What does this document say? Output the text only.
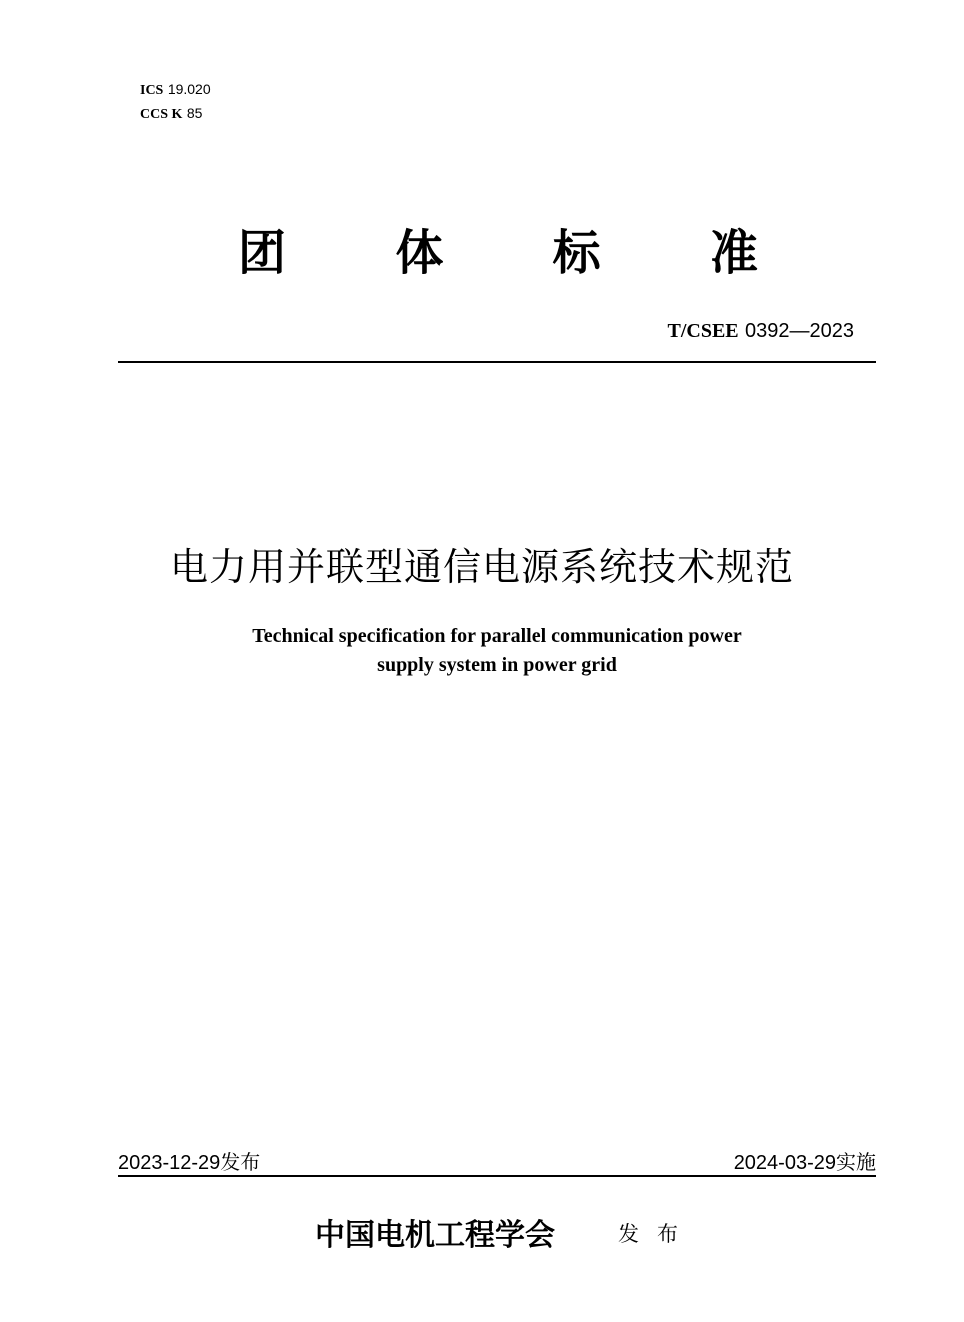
ICS 19.020
CCS K 85
团 体 标 准
T/CSEE 0392—2023
电力用并联型通信电源系统技术规范
Technical specification for parallel communication power
supply system in power grid
2023-12-29发布	2024-03-29实施
中国电机工程学会	发布
